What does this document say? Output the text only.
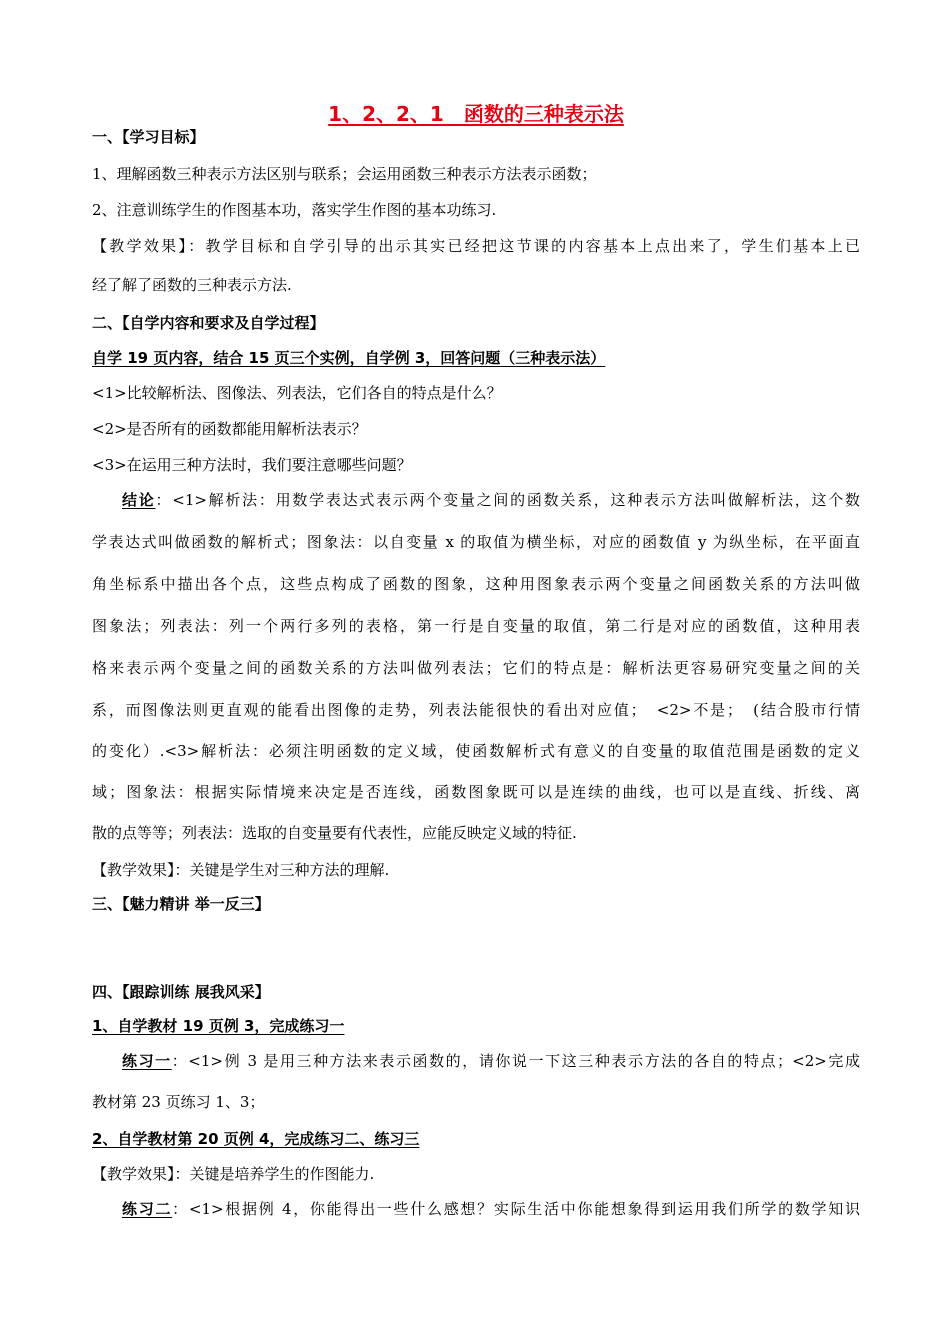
1、2、2、1　函数的三种表示法
一、【学习目标】
1、理解函数三种表示方法区别与联系；会运用函数三种表示方法表示函数；
2、注意训练学生的作图基本功，落实学生作图的基本功练习.
【教学效果】：教学目标和自学引导的出示其实已经把这节课的内容基本上点出来了，学生们基本上已
经了解了函数的三种表示方法.
二、【自学内容和要求及自学过程】
自学 19 页内容，结合 15 页三个实例，自学例 3，回答问题（三种表示法）
<1>比较解析法、图像法、列表法，它们各自的特点是什么？
<2>是否所有的函数都能用解析法表示？
<3>在运用三种方法时，我们要注意哪些问题？
结论：<1>解析法：用数学表达式表示两个变量之间的函数关系，这种表示方法叫做解析法，这个数
学表达式叫做函数的解析式；图象法：以自变量 x 的取值为横坐标，对应的函数值 y 为纵坐标，在平面直
角坐标系中描出各个点，这些点构成了函数的图象，这种用图象表示两个变量之间函数关系的方法叫做
图象法；列表法：列一个两行多列的表格，第一行是自变量的取值，第二行是对应的函数值，这种用表
格来表示两个变量之间的函数关系的方法叫做列表法；它们的特点是：解析法更容易研究变量之间的关
系，而图像法则更直观的能看出图像的走势，列表法能很快的看出对应值；　<2>不是；　(结合股市行情
的变化）.<3>解析法：必须注明函数的定义域，使函数解析式有意义的自变量的取值范围是函数的定义
域；图象法：根据实际情境来决定是否连线，函数图象既可以是连续的曲线，也可以是直线、折线、离
散的点等等；列表法：选取的自变量要有代表性，应能反映定义域的特征.
【教学效果】：关键是学生对三种方法的理解.
三、【魅力精讲 举一反三】
四、【跟踪训练 展我风采】
1、自学教材 19 页例 3，完成练习一
练习一：<1>例 3 是用三种方法来表示函数的，请你说一下这三种表示方法的各自的特点；<2>完成
教材第 23 页练习 1、3；
2、自学教材第 20 页例 4，完成练习二、练习三
【教学效果】：关键是培养学生的作图能力.
练习二：<1>根据例 4，你能得出一些什么感想？实际生活中你能想象得到运用我们所学的数学知识
